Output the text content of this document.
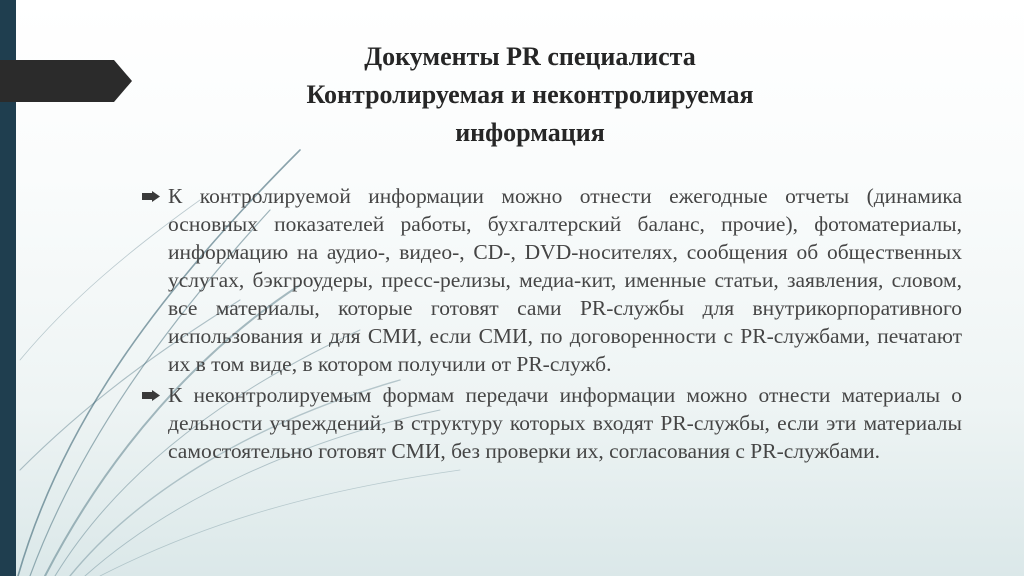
Документы PR специалиста
Контролируемая и неконтролируемая
информация
К контролируемой информации можно отнести ежегодные отчеты (динамика основных показателей работы, бухгалтерский баланс, прочие), фотоматериалы, информацию на аудио-, видео-, CD-, DVD-носителях, сообщения об общественных услугах, бэкгроудеры, пресс-релизы, медиа-кит, именные статьи, заявления, словом, все материалы, которые готовят сами PR-службы для внутрикорпоративного использования и для СМИ, если СМИ, по договоренности с PR-службами, печатают их в том виде, в котором получили от PR-служб.
К неконтролируемым формам передачи информации можно отнести материалы о дельности учреждений, в структуру которых входят PR-службы, если эти материалы самостоятельно готовят СМИ, без проверки их, согласования с PR-службами.
